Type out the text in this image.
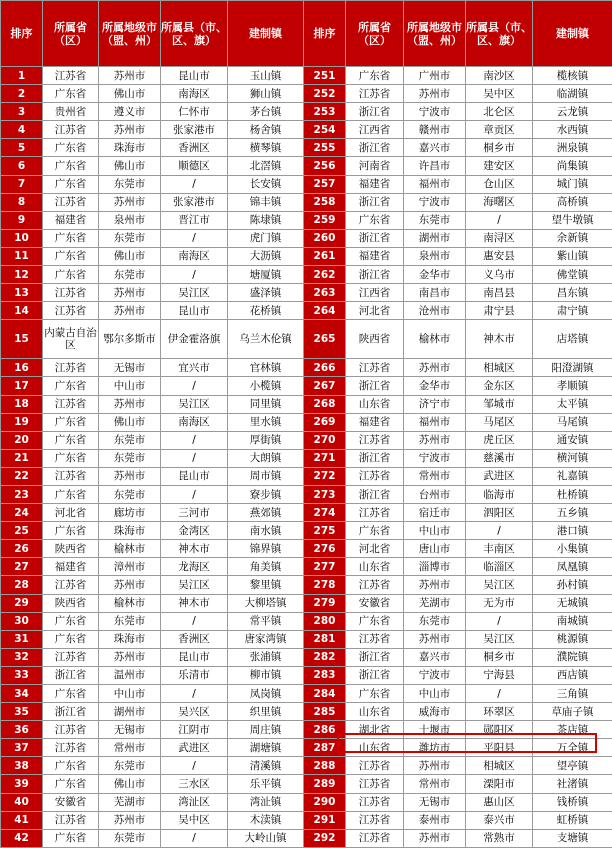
排序	所属省（区）	所属地级市（盟、州）	所属县（市、区、旗）	建制镇	排序	所属省（区）	所属地级市（盟、州）	所属县（市、区、旗）	建制镇
1	江苏省	苏州市	昆山市	玉山镇	251	广东省	广州市	南沙区	榄核镇
2	广东省	佛山市	南海区	狮山镇	252	江苏省	苏州市	吴中区	临湖镇
3	贵州省	遵义市	仁怀市	茅台镇	253	浙江省	宁波市	北仑区	云龙镇
4	江苏省	苏州市	张家港市	杨舍镇	254	江西省	赣州市	章贡区	水西镇
5	广东省	珠海市	香洲区	横琴镇	255	浙江省	嘉兴市	桐乡市	洲泉镇
6	广东省	佛山市	顺德区	北滘镇	256	河南省	许昌市	建安区	尚集镇
7	广东省	东莞市	/	长安镇	257	福建省	福州市	仓山区	城门镇
8	江苏省	苏州市	张家港市	锦丰镇	258	浙江省	宁波市	海曙区	高桥镇
9	福建省	泉州市	晋江市	陈埭镇	259	广东省	东莞市	/	望牛墩镇
10	广东省	东莞市	/	虎门镇	260	浙江省	湖州市	南浔区	余新镇
11	广东省	佛山市	南海区	大沥镇	261	福建省	泉州市	惠安县	紫山镇
12	广东省	东莞市	/	塘厦镇	262	浙江省	金华市	义乌市	佛堂镇
13	江苏省	苏州市	吴江区	盛泽镇	263	江西省	南昌市	南昌县	昌东镇
14	江苏省	苏州市	昆山市	花桥镇	264	河北省	沧州市	肃宁县	肃宁镇
15	内蒙古自治区	鄂尔多斯市	伊金霍洛旗	乌兰木伦镇	265	陕西省	榆林市	神木市	店塔镇
16	江苏省	无锡市	宜兴市	官林镇	266	江苏省	苏州市	相城区	阳澄湖镇
17	广东省	中山市	/	小榄镇	267	浙江省	金华市	金东区	孝顺镇
18	江苏省	苏州市	吴江区	同里镇	268	山东省	济宁市	邹城市	太平镇
19	广东省	佛山市	南海区	里水镇	269	福建省	福州市	马尾区	马尾镇
20	广东省	东莞市	/	厚街镇	270	江苏省	苏州市	虎丘区	通安镇
21	广东省	东莞市	/	大朗镇	271	浙江省	宁波市	慈溪市	横河镇
22	江苏省	苏州市	昆山市	周市镇	272	江苏省	常州市	武进区	礼嘉镇
23	广东省	东莞市	/	寮步镇	273	浙江省	台州市	临海市	杜桥镇
24	河北省	廊坊市	三河市	燕郊镇	274	江苏省	宿迁市	泗阳区	五乡镇
25	广东省	珠海市	金湾区	南水镇	275	广东省	中山市	/	港口镇
26	陕西省	榆林市	神木市	锦界镇	276	河北省	唐山市	丰南区	小集镇
27	福建省	漳州市	龙海区	角美镇	277	山东省	淄博市	临淄区	凤凰镇
28	江苏省	苏州市	吴江区	黎里镇	278	江苏省	苏州市	吴江区	孙村镇
29	陕西省	榆林市	神木市	大柳塔镇	279	安徽省	芜湖市	无为市	无城镇
30	广东省	东莞市	/	常平镇	280	广东省	东莞市	/	南城镇
31	广东省	珠海市	香洲区	唐家湾镇	281	江苏省	苏州市	吴江区	桃源镇
32	江苏省	苏州市	昆山市	张浦镇	282	浙江省	嘉兴市	桐乡市	濮院镇
33	浙江省	温州市	乐清市	柳市镇	283	浙江省	宁波市	宁海县	西店镇
34	广东省	中山市	/	凤岗镇	284	广东省	中山市	/	三角镇
35	浙江省	湖州市	吴兴区	织里镇	285	山东省	威海市	环翠区	草庙子镇
36	江苏省	无锡市	江阴市	周庄镇	286	湖北省	十堰市	郧阳区	茶店镇
37	江苏省	常州市	武进区	湖塘镇	287	山东省	潍坊市	平阳县	万全镇
38	广东省	东莞市	/	清溪镇	288	江苏省	苏州市	相城区	望亭镇
39	广东省	佛山市	三水区	乐平镇	289	江苏省	常州市	溧阳市	社渚镇
40	安徽省	芜湖市	湾沚区	湾沚镇	290	江苏省	无锡市	惠山区	钱桥镇
41	江苏省	苏州市	吴中区	木渎镇	291	江苏省	泰州市	泰兴市	虹桥镇
42	广东省	东莞市	/	大岭山镇	292	江苏省	苏州市	常熟市	支塘镇
